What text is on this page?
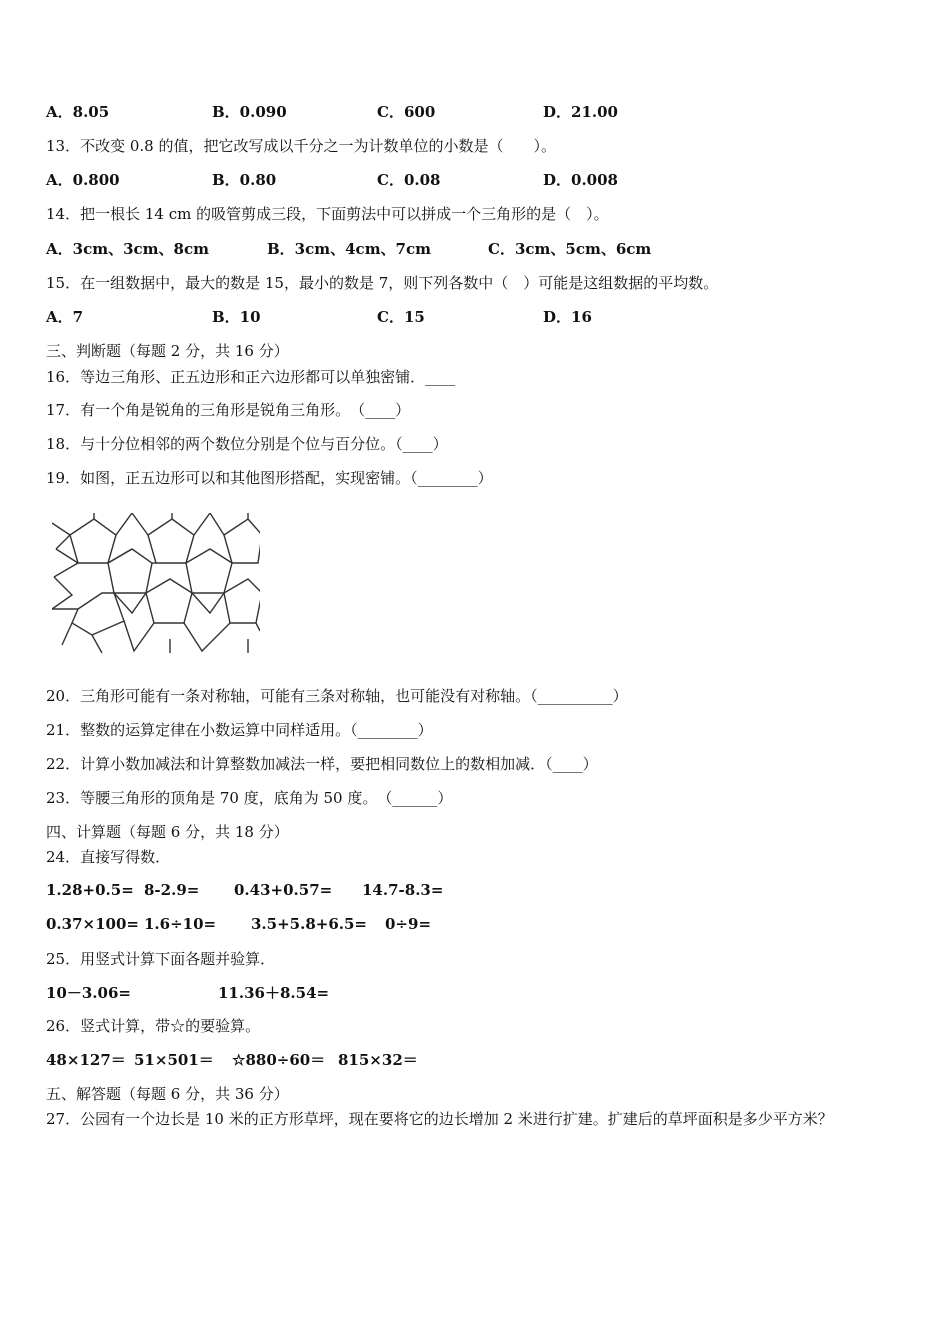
A．8.05	B．0.090	C．600	D．21.00
13．不改变 0.8 的值，把它改写成以千分之一为计数单位的小数是（　　）。
A．0.800	B．0.80	C．0.08	D．0.008
14．把一根长 14 cm 的吸管剪成三段，下面剪法中可以拼成一个三角形的是（　）。
A．3cm、3cm、8cm	B．3cm、4cm、7cm	C．3cm、5cm、6cm
15．在一组数据中，最大的数是 15，最小的数是 7，则下列各数中（　）可能是这组数据的平均数。
A．7	B．10	C．15	D．16
三、判断题（每题 2 分，共 16 分）
16．等边三角形、正五边形和正六边形都可以单独密铺．____
17．有一个角是锐角的三角形是锐角三角形。　（____）
18．与十分位相邻的两个数位分别是个位与百分位。（____）
19．如图，正五边形可以和其他图形搭配，实现密铺。（________）
20．三角形可能有一条对称轴，可能有三条对称轴，也可能没有对称轴。（__________）
21．整数的运算定律在小数运算中同样适用。（________）
22．计算小数加减法和计算整数加减法一样，要把相同数位上的数相加减．（____）
23．等腰三角形的顶角是 70 度，底角为 50 度。　（______）
四、计算题（每题 6 分，共 18 分）
24．直接写得数．
1.28+0.5= 8-2.9= 0.43+0.57= 14.7-8.3=
0.37×100= 1.6÷10= 3.5+5.8+6.5= 0÷9=
25．用竖式计算下面各题并验算．
10－3.06=	11.36＋8.54=
26．竖式计算，带☆的要验算。
48×127＝ 51×501＝ ☆880÷60＝ 815×32＝
五、解答题（每题 6 分，共 36 分）
27．公园有一个边长是 10 米的正方形草坪，现在要将它的边长增加 2 米进行扩建。扩建后的草坪面积是多少平方米？
